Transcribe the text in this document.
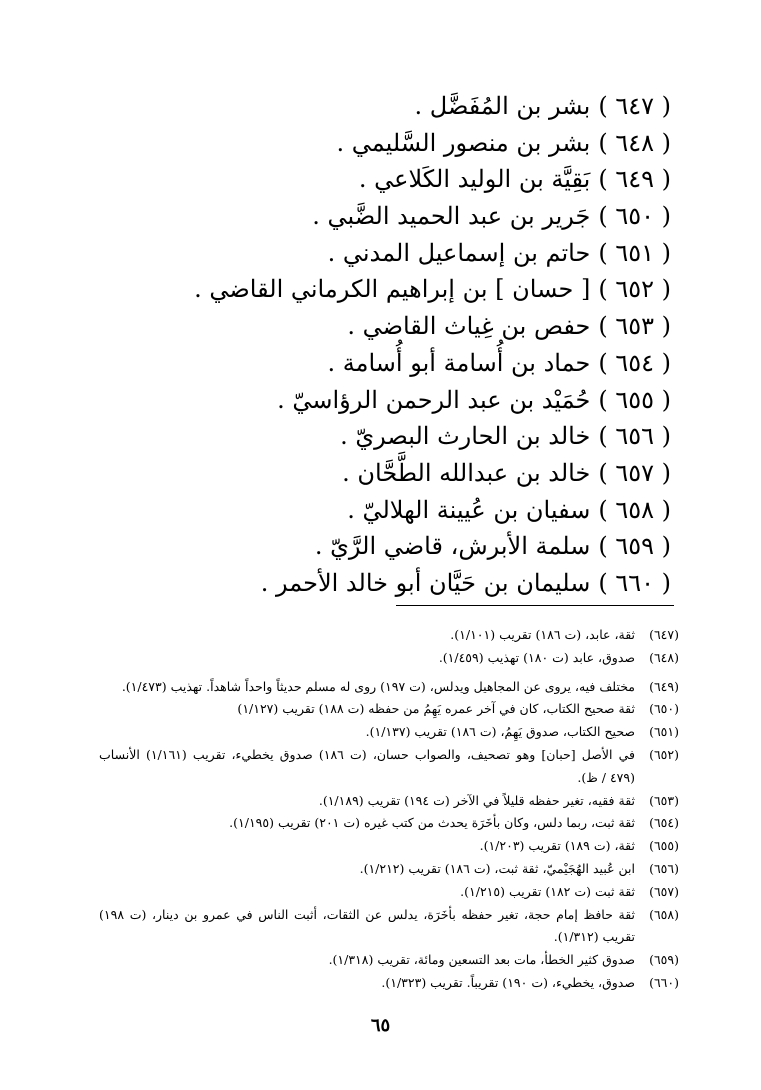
( ٦٤٧ )بشر بن المُفَضَّل .
( ٦٤٨ )بشر بن منصور السَّليمي .
( ٦٤٩ )بَقِيَّة بن الوليد الكَلاعي .
( ٦٥٠ )جَرير بن عبد الحميد الضَّبي .
( ٦٥١ )حاتم بن إسماعيل المدني .
( ٦٥٢ )[ حسان ] بن إبراهيم الكرماني القاضي .
( ٦٥٣ )حفص بن غِياث القاضي .
( ٦٥٤ )حماد بن أُسامة أبو أُسامة .
( ٦٥٥ )حُمَيْد بن عبد الرحمن الرؤاسيّ .
( ٦٥٦ )خالد بن الحارث البصريّ .
( ٦٥٧ )خالد بن عبدالله الطَّحَّان .
( ٦٥٨ )سفيان بن عُيينة الهلاليّ .
( ٦٥٩ )سلمة الأبرش، قاضي الرَّيّ .
( ٦٦٠ )سليمان بن حَيَّان أبو خالد الأحمر .
(٦٤٧)
ثقة، عابد، (ت ١٨٦) تقريب (١/١٠١).
(٦٤٨)
صدوق، عابد (ت ١٨٠) تهذيب (١/٤٥٩).
(٦٤٩)
مختلف فيه، يروى عن المجاهيل ويدلس، (ت ١٩٧) روى له مسلم حديثاً واحداً شاهداً. تهذيب (١/٤٧٣).
(٦٥٠)
ثقة صحيح الكتاب، كان في آخر عمره يَهِمُ من حفظه (ت ١٨٨) تقريب (١/١٢٧)
(٦٥١)
صحيح الكتاب، صدوق يَهِمُ، (ت ١٨٦) تقريب (١/١٣٧).
(٦٥٢)
في الأصل [حبان] وهو تصحيف، والصواب حسان، (ت ١٨٦) صدوق يخطيء، تقريب (١/١٦١) الأنساب (٤٧٩ / ظ).
(٦٥٣)
ثقة فقيه، تغير حفظه قليلاً في الآخر (ت ١٩٤) تقريب (١/١٨٩).
(٦٥٤)
ثقة ثبت، ربما دلس، وكان بأخَرَة يحدث من كتب غيره (ت ٢٠١) تقريب (١/١٩٥).
(٦٥٥)
ثقة، (ت ١٨٩) تقريب (١/٢٠٣).
(٦٥٦)
ابن عُبيد الهُجَيْميّ، ثقة ثبت، (ت ١٨٦) تقريب (١/٢١٢).
(٦٥٧)
ثقة ثبت (ت ١٨٢) تقريب (١/٢١٥).
(٦٥٨)
ثقة حافظ إمام حجة، تغير حفظه بأخَرَة، يدلس عن الثقات، أثبت الناس في عمرو بن دينار، (ت ١٩٨) تقريب (١/٣١٢).
(٦٥٩)
صدوق كثير الخطأ، مات بعد التسعين ومائة، تقريب (١/٣١٨).
(٦٦٠)
صدوق، يخطيء، (ت ١٩٠) تقريباً. تقريب (١/٣٢٣).
٦٥
